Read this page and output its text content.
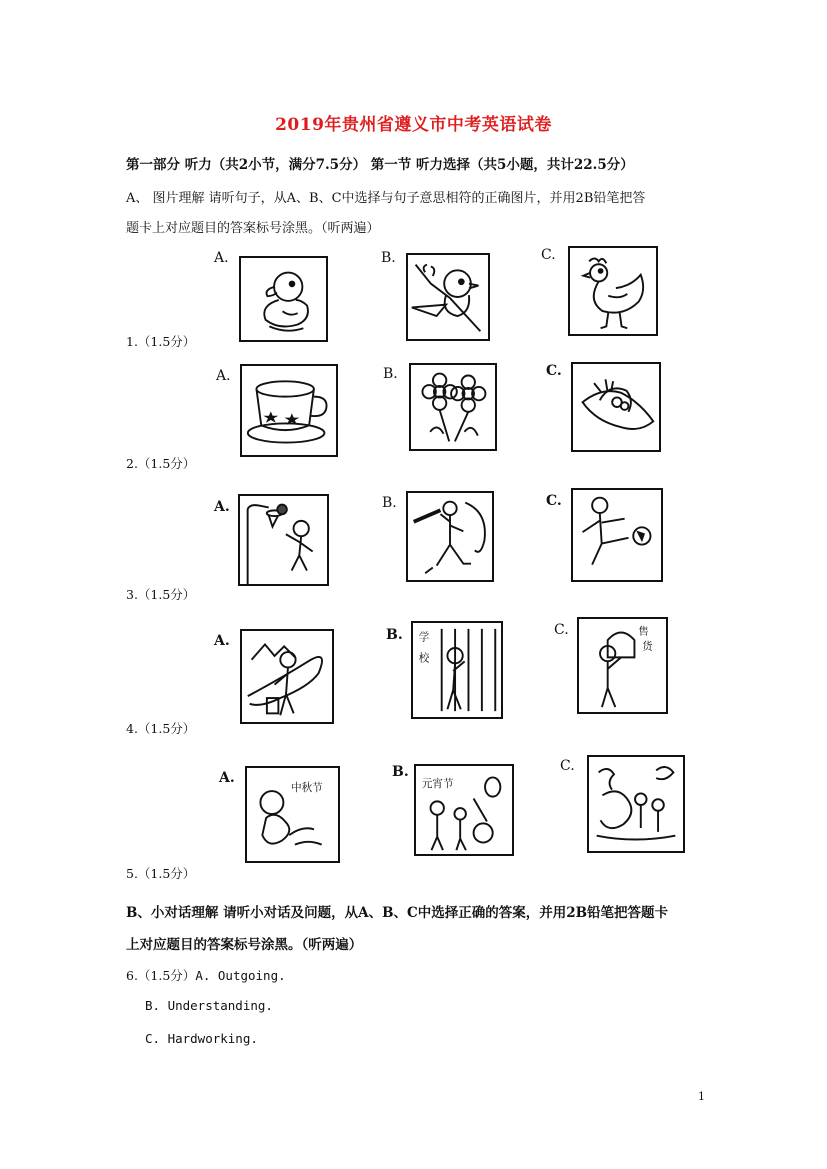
2019年贵州省遵义市中考英语试卷
第一部分 听力（共2小节，满分7.5分） 第一节 听力选择（共5小题，共计22.5分）
A、 图片理解 请听句子，从A、B、C中选择与句子意思相符的正确图片，并用2B铅笔把答
题卡上对应题目的答案标号涂黑。（听两遍）
A.	B.	C.
1.（1.5分）
A.	B.	C.
2.（1.5分）
A.	B.	C.
3.（1.5分）
A.	B. 学
校
C.	售
货
4.（1.5分）
A.
中秋节
B.
元宵节
C.
5.（1.5分）
B、小对话理解 请听小对话及问题，从A、B、C中选择正确的答案，并用2B铅笔把答题卡
上对应题目的答案标号涂黑。（听两遍）
6.（1.5分）A. Outgoing.
B. Understanding.
C. Hardworking.
1
